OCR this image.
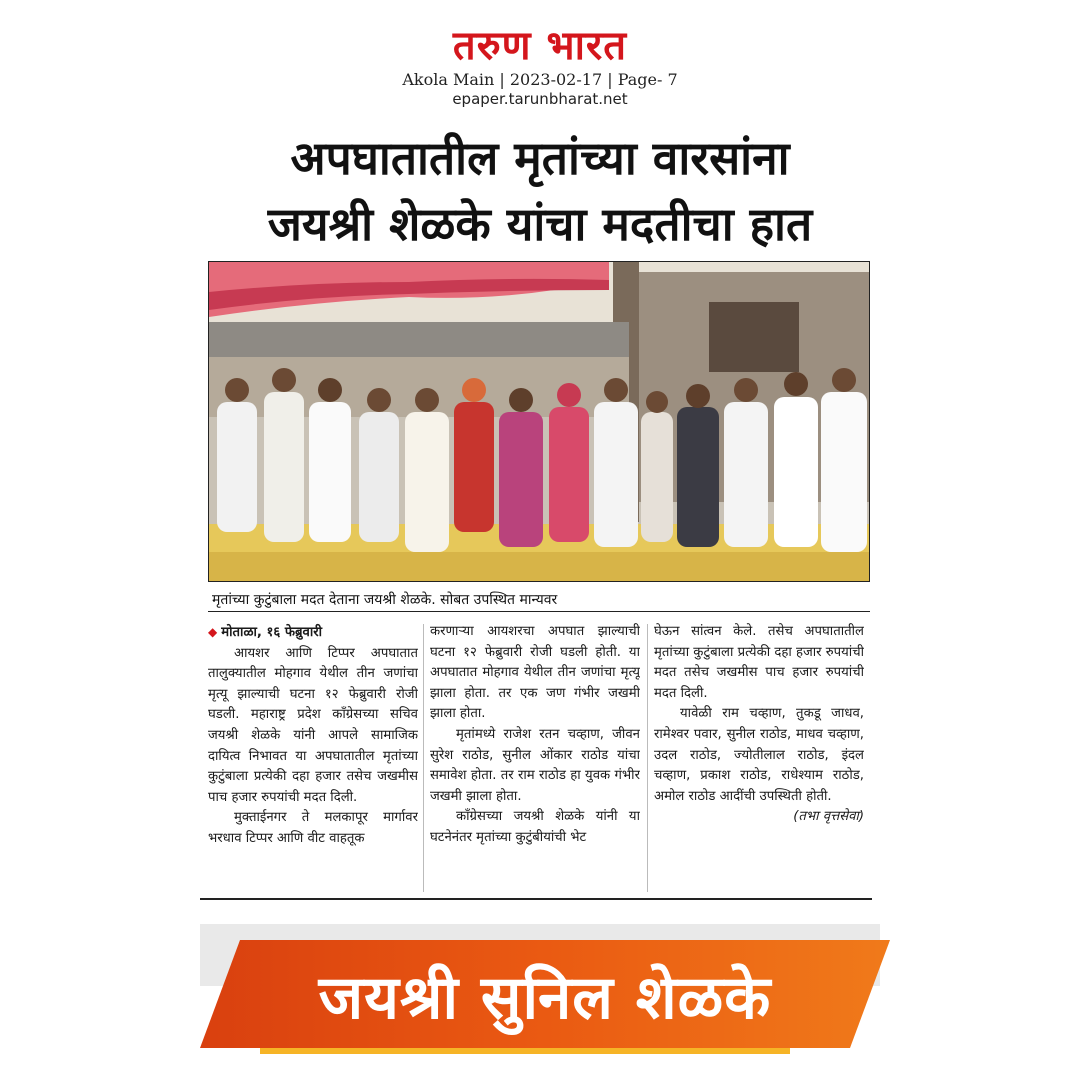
तरुण भारत
Akola Main | 2023-02-17 | Page- 7
epaper.tarunbharat.net
अपघातातील मृतांच्या वारसांना
जयश्री शेळके यांचा मदतीचा हात
मृतांच्या कुटुंबाला मदत देताना जयश्री शेळके. सोबत उपस्थित मान्यवर

◆ मोताळा, १६ फेब्रुवारी

आयशर आणि टिप्पर अपघातात तालुक्यातील मोहगाव येथील तीन जणांचा मृत्यू झाल्याची घटना १२ फेब्रुवारी रोजी घडली. महाराष्ट्र प्रदेश काँग्रेसच्या सचिव जयश्री शेळके यांनी आपले सामाजिक दायित्व निभावत या अपघातातील मृतांच्या कुटुंबाला प्रत्येकी दहा हजार तसेच जखमीस पाच हजार रुपयांची मदत दिली.

मुक्ताईनगर ते मलकापूर मार्गावर भरधाव टिप्पर आणि वीट वाहतूक

करणाऱ्या आयशरचा अपघात झाल्याची घटना १२ फेब्रुवारी रोजी घडली होती. या अपघातात मोहगाव येथील तीन जणांचा मृत्यू झाला होता. तर एक जण गंभीर जखमी झाला होता.

मृतांमध्ये राजेश रतन चव्हाण, जीवन सुरेश राठोड, सुनील ओंकार राठोड यांचा समावेश होता. तर राम राठोड हा युवक गंभीर जखमी झाला होता.

काँग्रेसच्या जयश्री शेळके यांनी या घटनेनंतर मृतांच्या कुटुंबीयांची भेट

घेऊन सांत्वन केले. तसेच अपघातातील मृतांच्या कुटुंबाला प्रत्येकी दहा हजार रुपयांची मदत तसेच जखमीस पाच हजार रुपयांची मदत दिली.

यावेळी राम चव्हाण, तुकडू जाधव, रामेश्वर पवार, सुनील राठोड, माधव चव्हाण, उदल राठोड, ज्योतीलाल राठोड, इंदल चव्हाण, प्रकाश राठोड, राधेश्याम राठोड, अमोल राठोड आदींची उपस्थिती होती.
(तभा वृत्तसेवा)

जयश्री सुनिल शेळके
